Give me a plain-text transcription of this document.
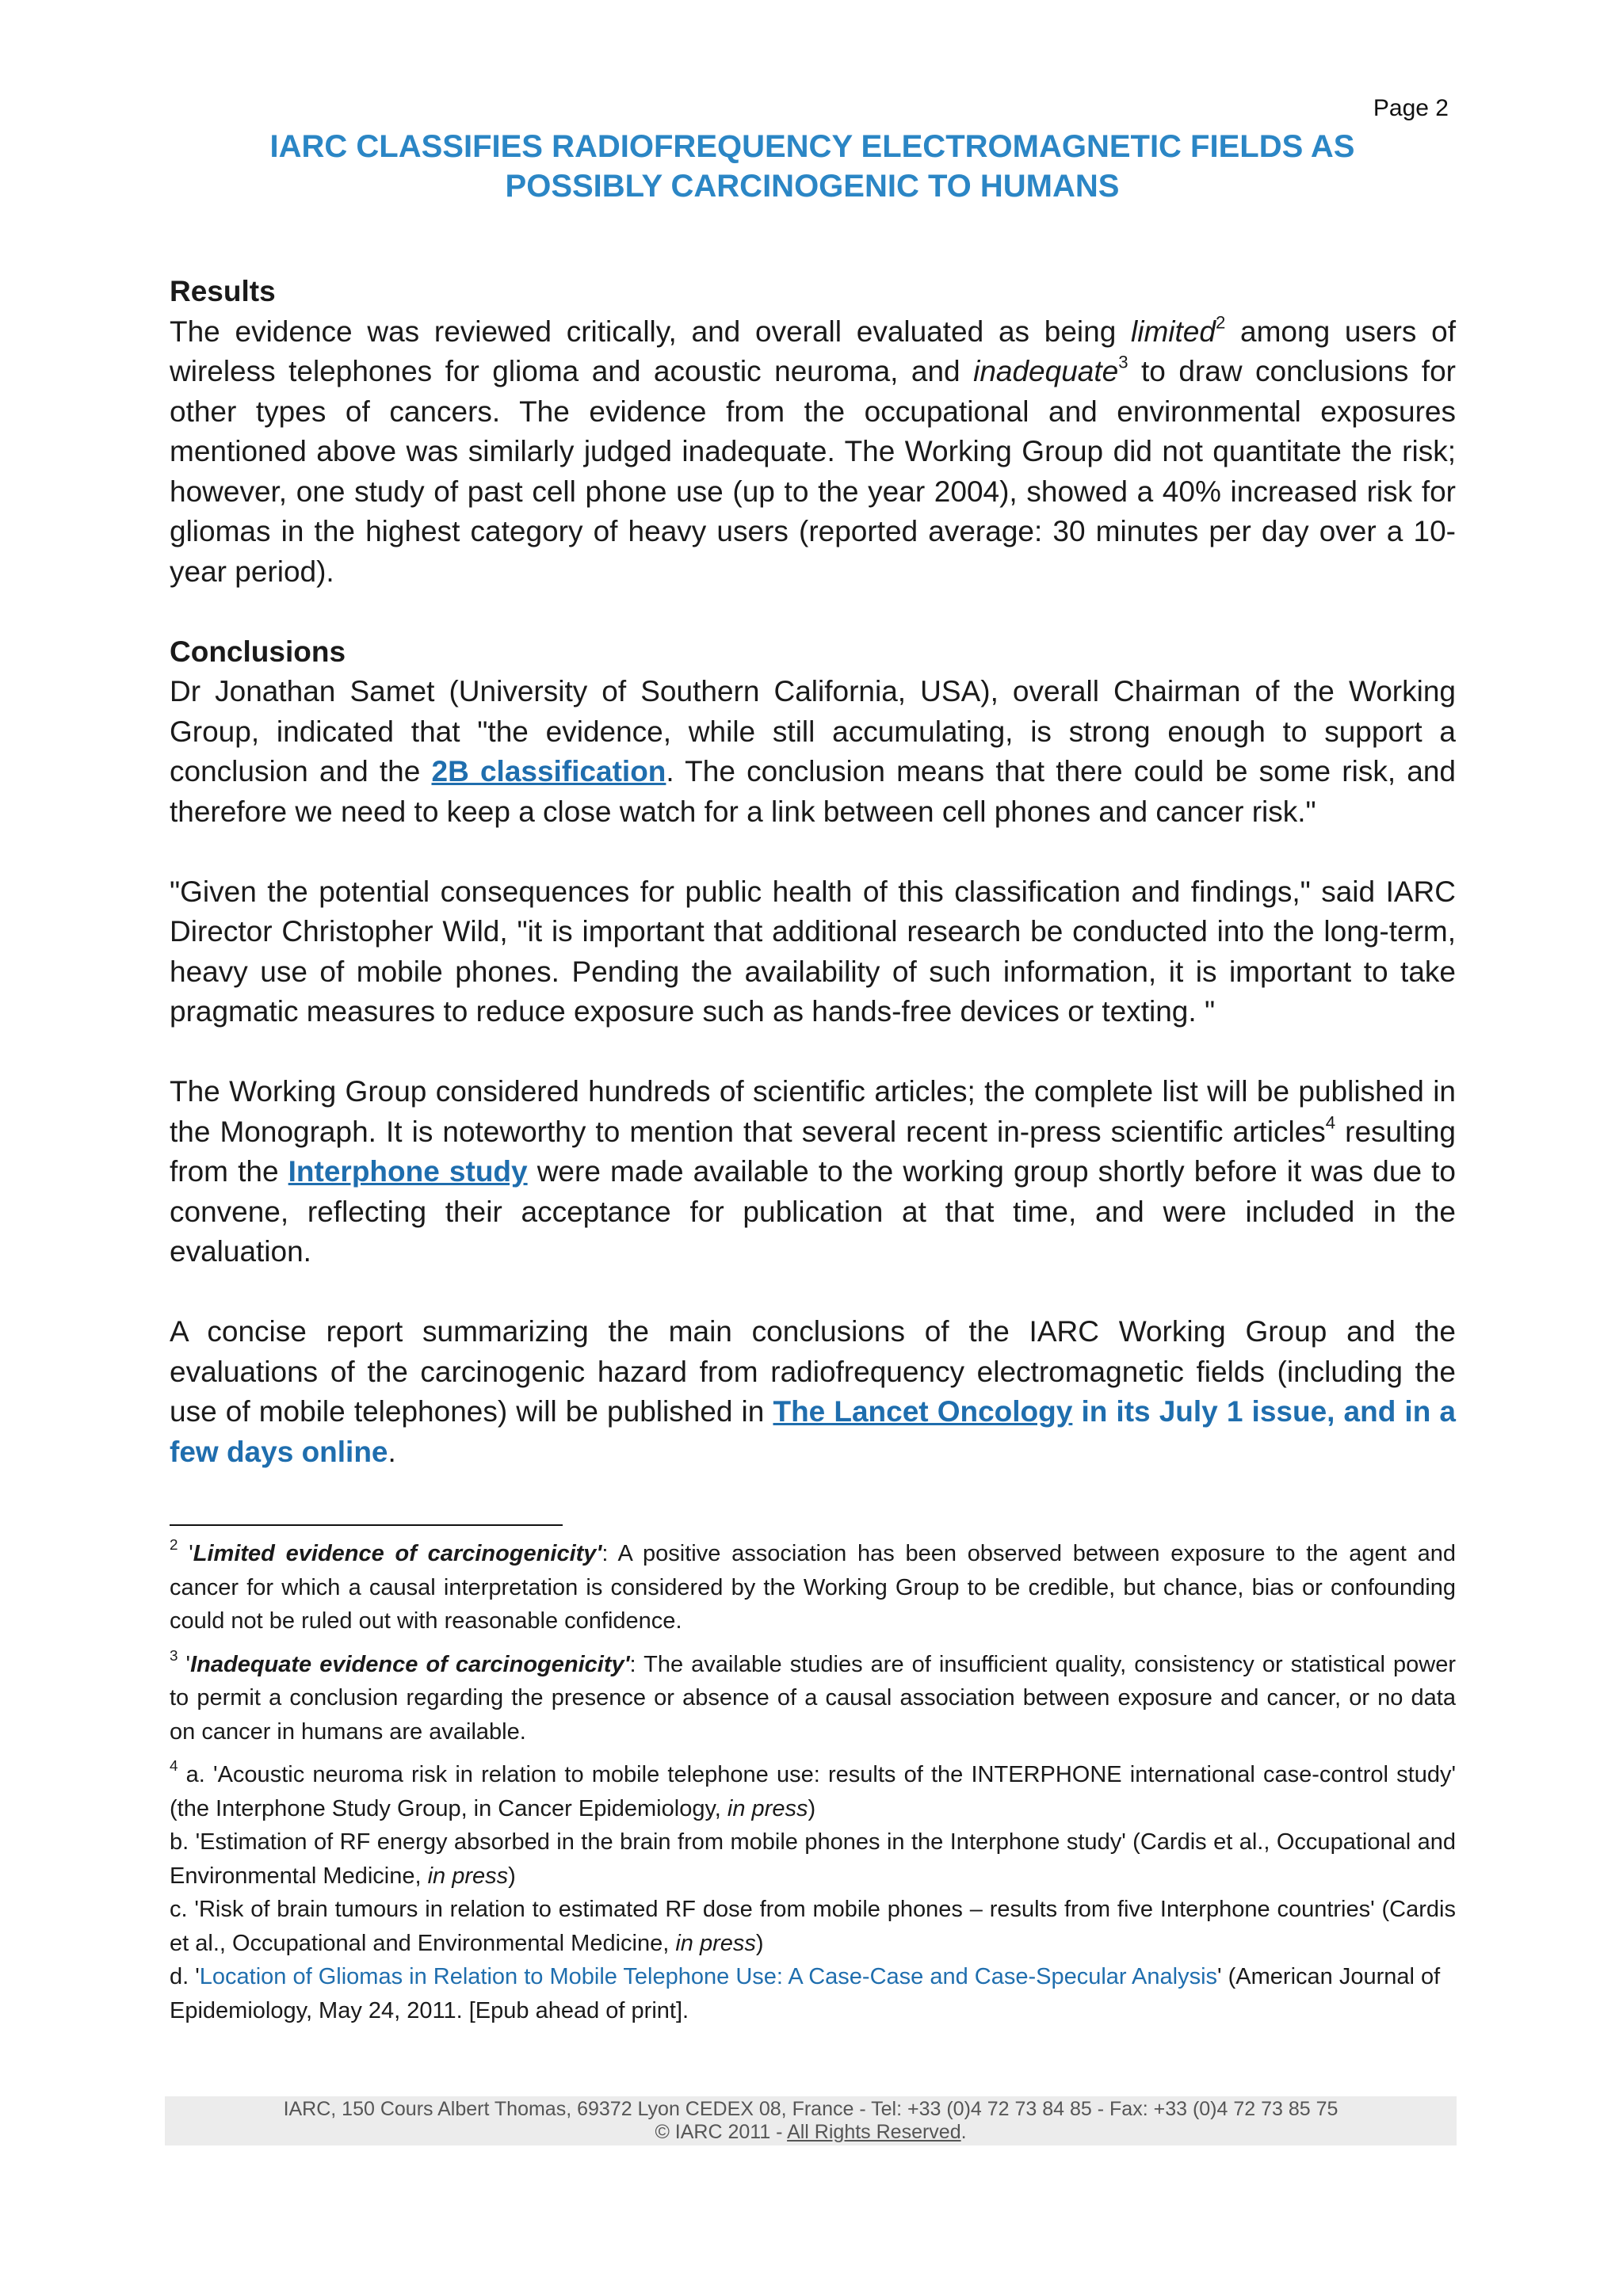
Page 2
IARC CLASSIFIES RADIOFREQUENCY ELECTROMAGNETIC FIELDS AS
POSSIBLY CARCINOGENIC TO HUMANS
Results

The evidence was reviewed critically, and overall evaluated as being limited$^2$ among users of wireless telephones for glioma and acoustic neuroma, and inadequate$^3$ to draw conclusions for other types of cancers. The evidence from the occupational and environmental exposures mentioned above was similarly judged inadequate. The Working Group did not quantitate the risk; however, one study of past cell phone use (up to the year 2004), showed a 40% increased risk for gliomas in the highest category of heavy users (reported average: 30 minutes per day over a 10-year period).

Conclusions

Dr Jonathan Samet (University of Southern California, USA), overall Chairman of the Working Group, indicated that "the evidence, while still accumulating, is strong enough to support a conclusion and the 2B classification. The conclusion means that there could be some risk, and therefore we need to keep a close watch for a link between cell phones and cancer risk."

"Given the potential consequences for public health of this classification and findings," said IARC Director Christopher Wild, "it is important that additional research be conducted into the long-term, heavy use of mobile phones. Pending the availability of such information, it is important to take pragmatic measures to reduce exposure such as hands-free devices or texting. "

The Working Group considered hundreds of scientific articles; the complete list will be published in the Monograph. It is noteworthy to mention that several recent in-press scientific articles$^4$ resulting from the Interphone study were made available to the working group shortly before it was due to convene, reflecting their acceptance for publication at that time, and were included in the evaluation.

A concise report summarizing the main conclusions of the IARC Working Group and the evaluations of the carcinogenic hazard from radiofrequency electromagnetic fields (including the use of mobile telephones) will be published in The Lancet Oncology in its July 1 issue, and in a few days online.

$^2$ 'Limited evidence of carcinogenicity': A positive association has been observed between exposure to the agent and cancer for which a causal interpretation is considered by the Working Group to be credible, but chance, bias or confounding could not be ruled out with reasonable confidence.
$^3$ 'Inadequate evidence of carcinogenicity': The available studies are of insufficient quality, consistency or statistical power to permit a conclusion regarding the presence or absence of a causal association between exposure and cancer, or no data on cancer in humans are available.

$^4$ a. 'Acoustic neuroma risk in relation to mobile telephone use: results of the INTERPHONE international case-control study' (the Interphone Study Group, in Cancer Epidemiology, in press)

b. 'Estimation of RF energy absorbed in the brain from mobile phones in the Interphone study' (Cardis et al., Occupational and Environmental Medicine, in press)

c. 'Risk of brain tumours in relation to estimated RF dose from mobile phones – results from five Interphone countries' (Cardis et al., Occupational and Environmental Medicine, in press)

d. 'Location of Gliomas in Relation to Mobile Telephone Use: A Case-Case and Case-Specular Analysis' (American Journal of Epidemiology, May 24, 2011. [Epub ahead of print].

IARC, 150 Cours Albert Thomas, 69372 Lyon CEDEX 08, France - Tel: +33 (0)4 72 73 84 85 - Fax: +33 (0)4 72 73 85 75
© IARC 2011 - All Rights Reserved.
